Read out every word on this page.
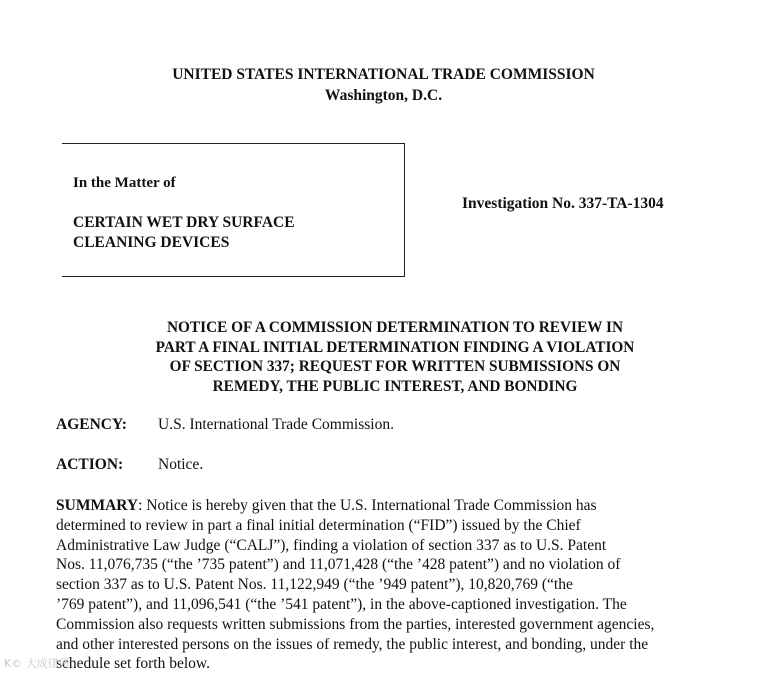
UNITED STATES INTERNATIONAL TRADE COMMISSION
Washington, D.C.
In the Matter of
CERTAIN WET DRY SURFACE
CLEANING DEVICES
Investigation No. 337-TA-1304
NOTICE OF A COMMISSION DETERMINATION TO REVIEW IN
PART A FINAL INITIAL DETERMINATION FINDING A VIOLATION
OF SECTION 337; REQUEST FOR WRITTEN SUBMISSIONS ON
REMEDY, THE PUBLIC INTEREST, AND BONDING
AGENCY: U.S. International Trade Commission.
ACTION: Notice.
SUMMARY: Notice is hereby given that the U.S. International Trade Commission has
determined to review in part a final initial determination (“FID”) issued by the Chief
Administrative Law Judge (“CALJ”), finding a violation of section 337 as to U.S. Patent
Nos. 11,076,735 (“the ’735 patent”) and 11,071,428 (“the ’428 patent”) and no violation of
section 337 as to U.S. Patent Nos. 11,122,949 (“the ’949 patent”), 10,820,769 (“the
’769 patent”), and 11,096,541 (“the ’541 patent”), in the above-captioned investigation. The
Commission also requests written submissions from the parties, interested government agencies,
and other interested persons on the issues of remedy, the public interest, and bonding, under the
schedule set forth below.
K© 大成律所
